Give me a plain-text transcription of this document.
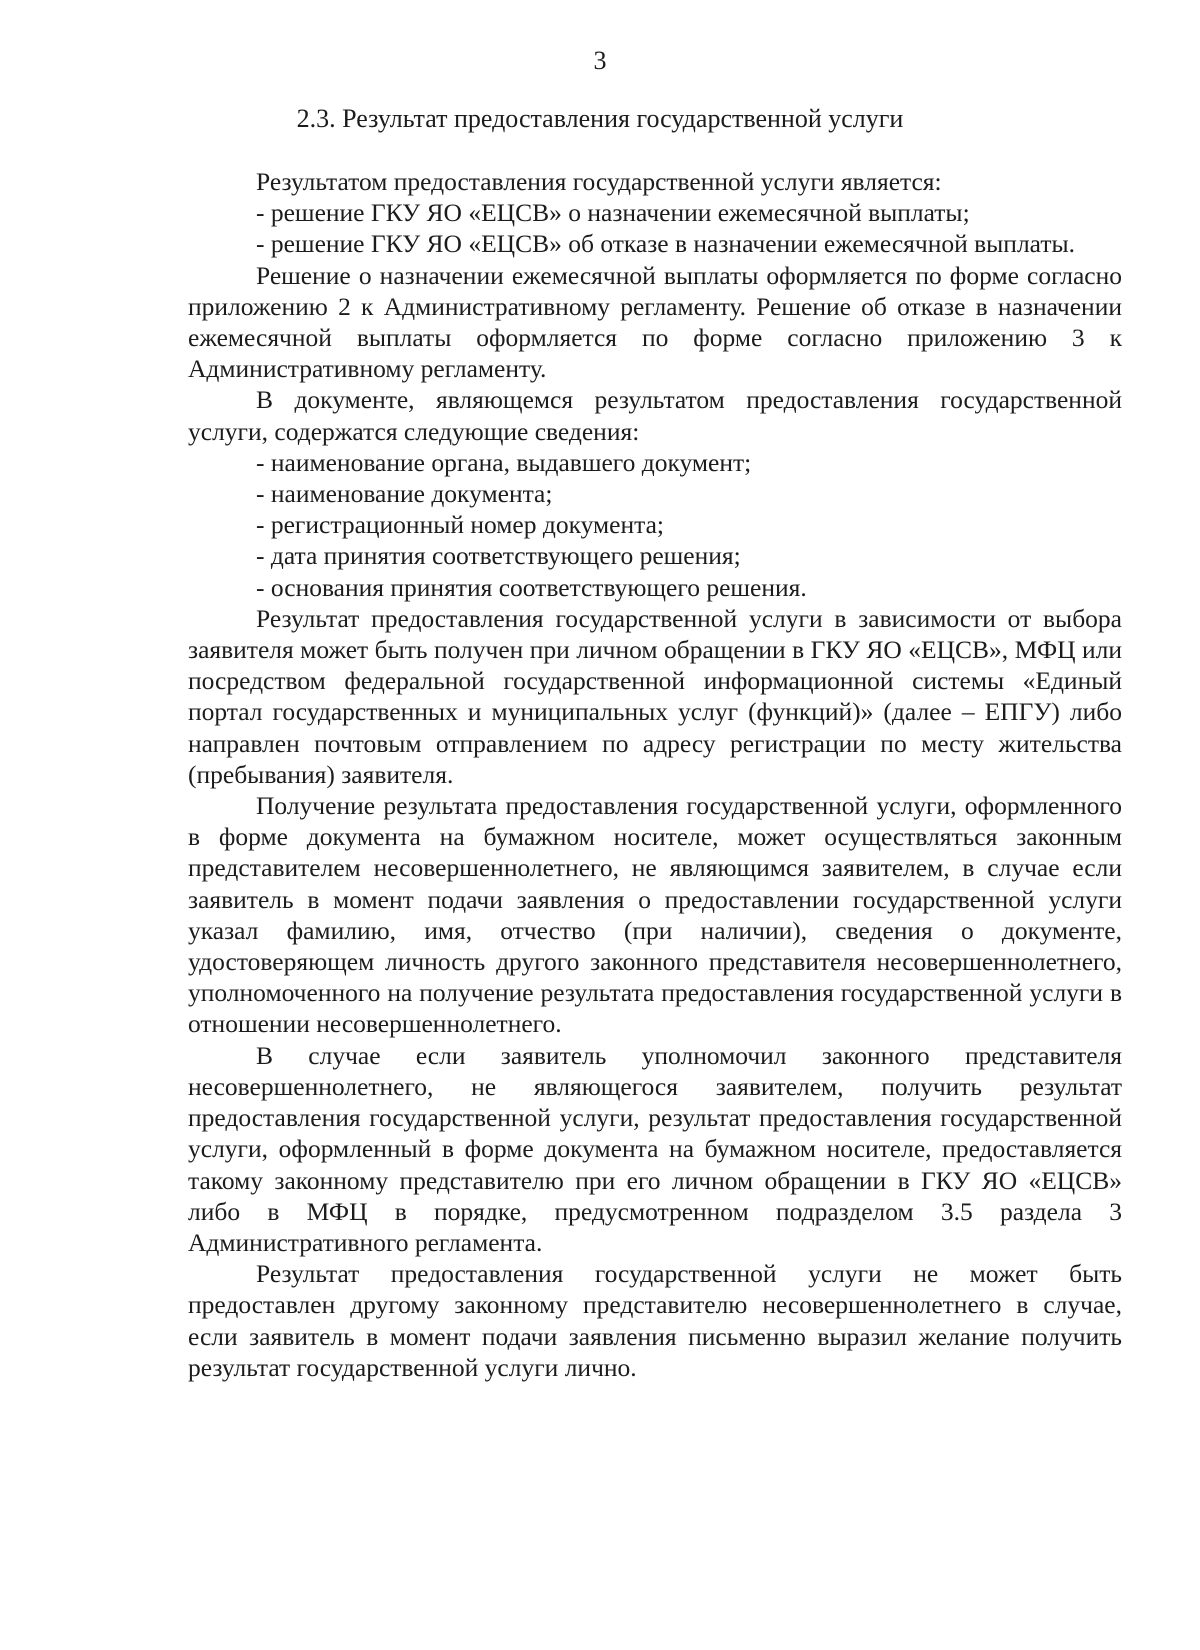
3
2.3. Результат предоставления государственной услуги

Результатом предоставления государственной услуги является:

- решение ГКУ ЯО «ЕЦСВ» о назначении ежемесячной выплаты;

- решение ГКУ ЯО «ЕЦСВ» об отказе в назначении ежемесячной выплаты.

Решение о назначении ежемесячной выплаты оформляется по форме согласно приложению 2 к Административному регламенту. Решение об отказе в назначении ежемесячной выплаты оформляется по форме согласно приложению 3 к Административному регламенту.

В документе, являющемся результатом предоставления государственной услуги, содержатся следующие сведения:

- наименование органа, выдавшего документ;

- наименование документа;

- регистрационный номер документа;

- дата принятия соответствующего решения;

- основания принятия соответствующего решения.

Результат предоставления государственной услуги в зависимости от выбора заявителя может быть получен при личном обращении в ГКУ ЯО «ЕЦСВ», МФЦ или посредством федеральной государственной информационной системы «Единый портал государственных и муниципальных услуг (функций)» (далее – ЕПГУ) либо направлен почтовым отправлением по адресу регистрации по месту жительства (пребывания) заявителя.

Получение результата предоставления государственной услуги, оформленного в форме документа на бумажном носителе, может осуществляться законным представителем несовершеннолетнего, не являющимся заявителем, в случае если заявитель в момент подачи заявления о предоставлении государственной услуги указал фамилию, имя, отчество (при наличии), сведения о документе, удостоверяющем личность другого законного представителя несовершеннолетнего, уполномоченного на получение результата предоставления государственной услуги в отношении несовершеннолетнего.

В случае если заявитель уполномочил законного представителя несовершеннолетнего, не являющегося заявителем, получить результат предоставления государственной услуги, результат предоставления государственной услуги, оформленный в форме документа на бумажном носителе, предоставляется такому законному представителю при его личном обращении в ГКУ ЯО «ЕЦСВ» либо в МФЦ в порядке, предусмотренном подразделом 3.5 раздела 3 Административного регламента.

Результат предоставления государственной услуги не может быть предоставлен другому законному представителю несовершеннолетнего в случае, если заявитель в момент подачи заявления письменно выразил желание получить результат государственной услуги лично.
